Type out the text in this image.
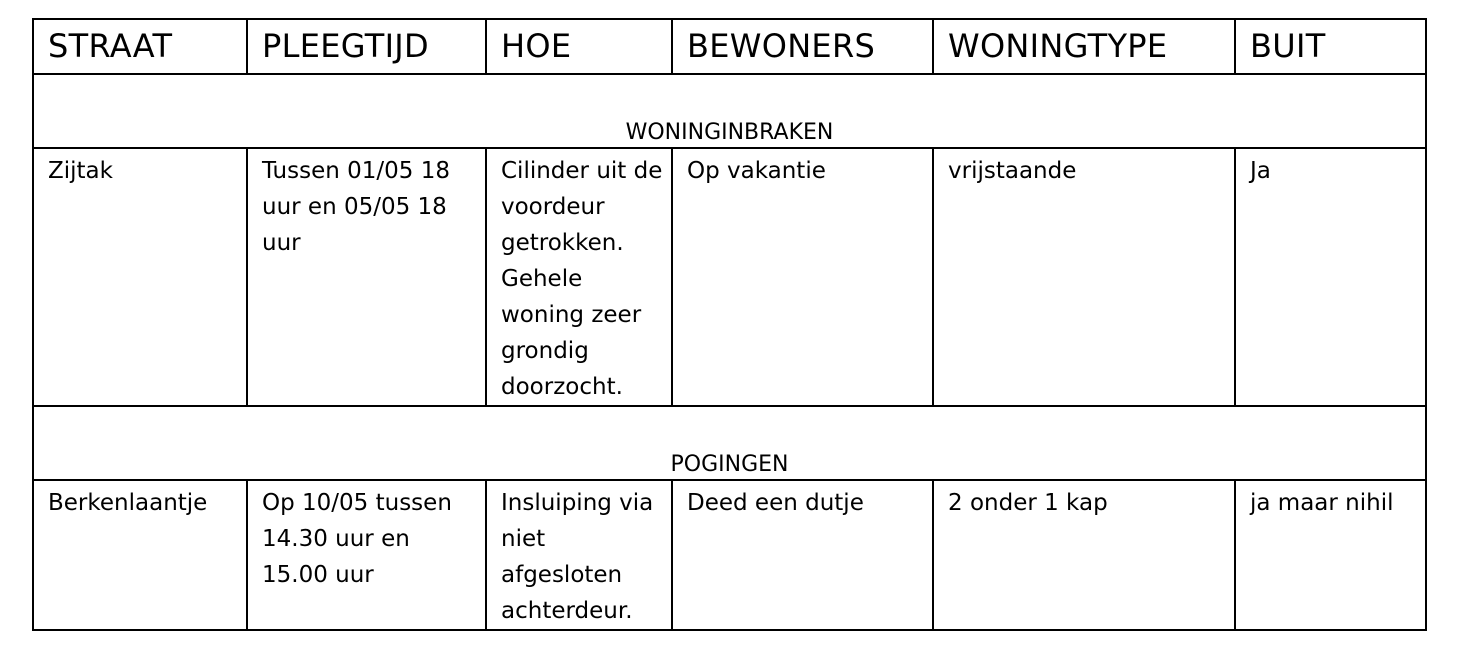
STRAAT	PLEEGTIJD	HOE	BEWONERS	WONINGTYPE	BUIT
WONINGINBRAKEN					

Zijtak	Tussen 01/05 18 uur en 05/05 18 uur	Cilinder uit de voordeur getrokken. Gehele woning zeer grondig doorzocht.	Op vakantie	vrijstaande	Ja

POGINGEN					

Berkenlaantje	Op 10/05 tussen 14.30 uur en 15.00 uur	Insluiping via niet afgesloten achterdeur.	Deed een dutje	2 onder 1 kap	ja maar nihil
